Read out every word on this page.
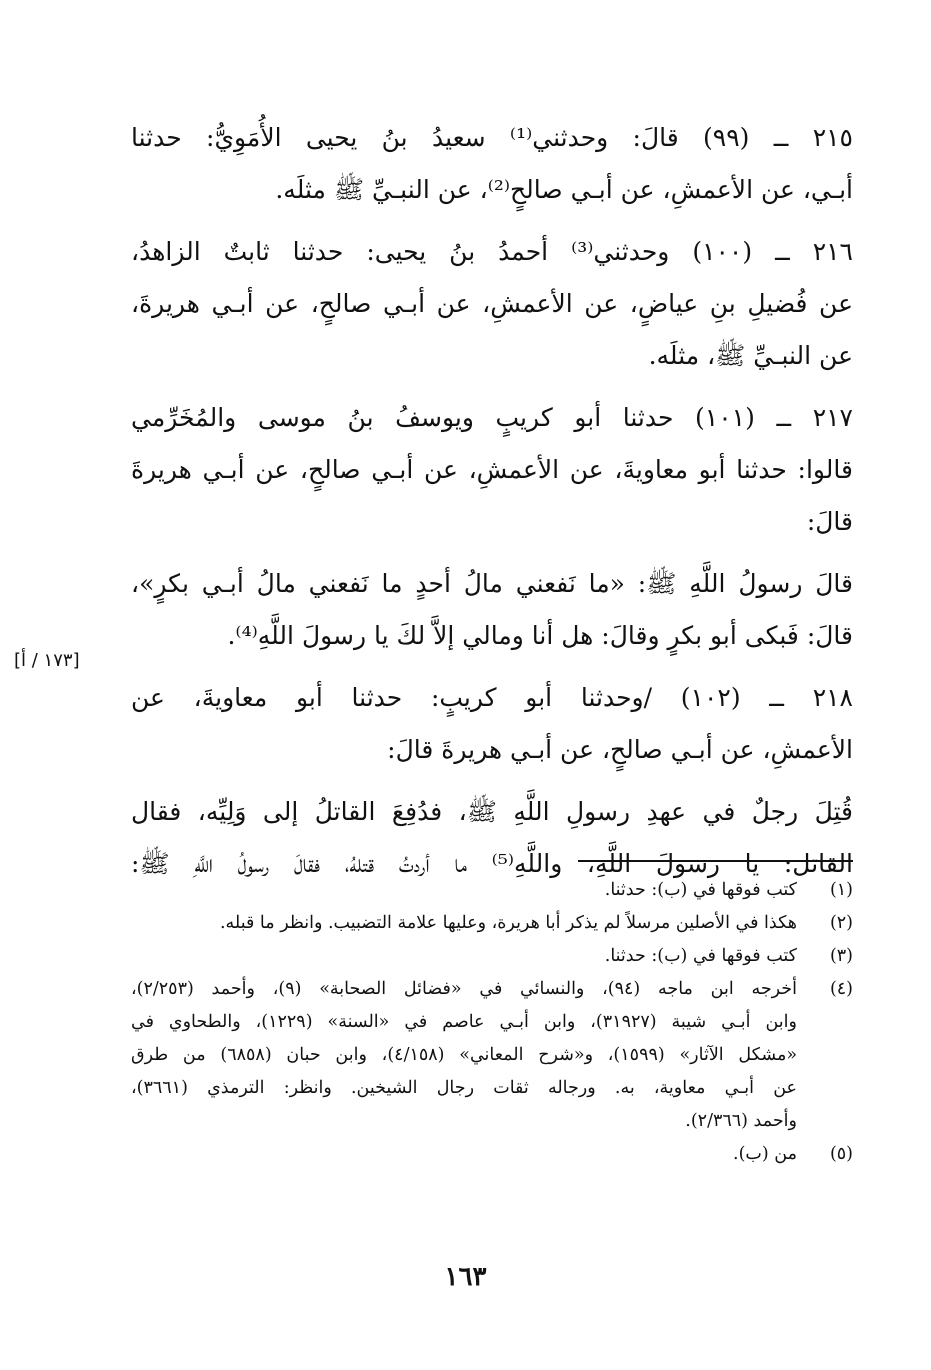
٢١٥ ــ (٩٩) قالَ: وحدثني⁽¹⁾ سعيدُ بنُ يحيى الأُمَوِيُّ: حدثنا
أبـي، عن الأعمشِ، عن أبـي صالحٍ⁽²⁾، عن النبـيِّ ﷺ مثلَه.
٢١٦ ــ (١٠٠) وحدثني⁽³⁾ أحمدُ بنُ يحيى: حدثنا ثابتٌ الزاهدُ،
عن فُضيلِ بنِ عياضٍ، عن الأعمشِ، عن أبـي صالحٍ، عن أبـي هريرةَ،
عن النبـيِّ ﷺ، مثلَه.
٢١٧ ــ (١٠١) حدثنا أبو كريبٍ ويوسفُ بنُ موسى والمُخَرِّمي
قالوا: حدثنا أبو معاويةَ، عن الأعمشِ، عن أبـي صالحٍ، عن أبـي هريرةَ
قالَ:
قالَ رسولُ اللَّهِ ﷺ: «ما نَفعني مالُ أحدٍ ما نَفعني مالُ أبـي بكرٍ»،
قالَ: فَبكى أبو بكرٍ وقالَ: هل أنا ومالي إلاَّ لكَ يا رسولَ اللَّهِ⁽⁴⁾.
٢١٨ ــ (١٠٢) /وحدثنا أبو كريبٍ: حدثنا أبو معاويةَ، عن
الأعمشِ، عن أبـي صالحٍ، عن أبـي هريرةَ قالَ:
قُتِلَ رجلٌ في عهدِ رسولِ اللَّهِ ﷺ، فدُفِعَ القاتلُ إلى وَلِيِّه، فقال
القاتل: يا رسولَ اللَّهِ، واللَّهِ⁽⁵⁾ ما أردتُ قتلهُ، فقالَ رسولُ اللَّهِ ﷺ:
[١٧٣ / أ]
(١)
كتب فوقها في (ب): حدثنا.
(٢)
هكذا في الأصلين مرسلاً لم يذكر أبا هريرة، وعليها علامة التضبيب. وانظر ما قبله.
(٣)
كتب فوقها في (ب): حدثنا.
(٤)
أخرجه ابن ماجه (٩٤)، والنسائي في «فضائل الصحابة» (٩)، وأحمد (٢/٢٥٣)،
وابن أبـي شيبة (٣١٩٢٧)، وابن أبـي عاصم في «السنة» (١٢٢٩)، والطحاوي في
«مشكل الآثار» (١٥٩٩)، و«شرح المعاني» (٤/١٥٨)، وابن حبان (٦٨٥٨) من طرق
عن أبـي معاوية، به. ورجاله ثقات رجال الشيخين. وانظر: الترمذي (٣٦٦١)،
وأحمد (٢/٣٦٦).
(٥)
من (ب).
١٦٣
